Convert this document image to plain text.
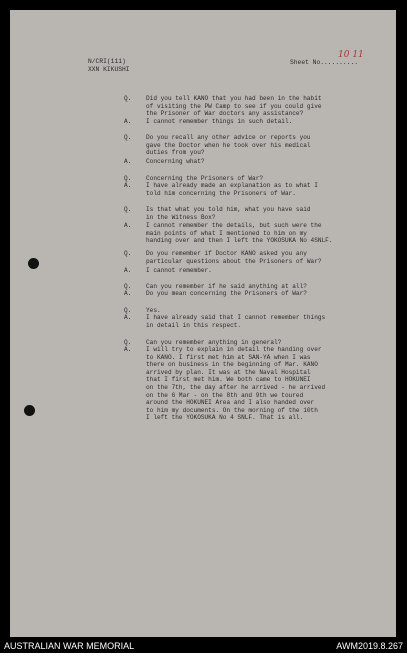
N/CRI(111)
XXN KIKUSHI
Sheet No..........
10 11
Q.	Did you tell KANO that you had been in the habit
of visiting the PW Camp to see if you could give
the Prisoner of War doctors any assistance?
A.	I cannot remember things in such detail.
Q.	Do you recall any other advice or reports you
gave the Doctor when he took over his medical
duties from you?
A.	Concerning what?
Q.	Concerning the Prisoners of War?
A.	I have already made an explanation as to what I
told him concerning the Prisoners of War.
Q.	Is that what you told him, what you have said
in the Witness Box?
A.	I cannot remember the details, but such were the
main points of what I mentioned to him on my
handing over and then I left the YOKOSUKA No 4SNLF.
Q.	Do you remember if Doctor KANO asked you any
particular questions about the Prisoners of War?
A.	I cannot remember.
Q.	Can you remember if he said anything at all?
A.	Do you mean concerning the Prisoners of War?
Q.	Yes.
A.	I have already said that I cannot remember things
in detail in this respect.
Q.	Can you remember anything in general?
A.	I will try to explain in detail the handing over
to KANO. I first met him at SAN-YA when I was
there on business in the beginning of Mar. KANO
arrived by plan. It was at the Naval Hospital
that I first met him. We both came to HOKUNEI
on the 7th, the day after he arrived - he arrived
on the 6 Mar - on the 8th and 9th we toured
around the HOKUNEI Area and I also handed over
to him my documents. On the morning of the 10th
I left the YOKOSUKA No 4 SNLF. That is all.
AUSTRALIAN WAR MEMORIAL	AWM2019.8.267
